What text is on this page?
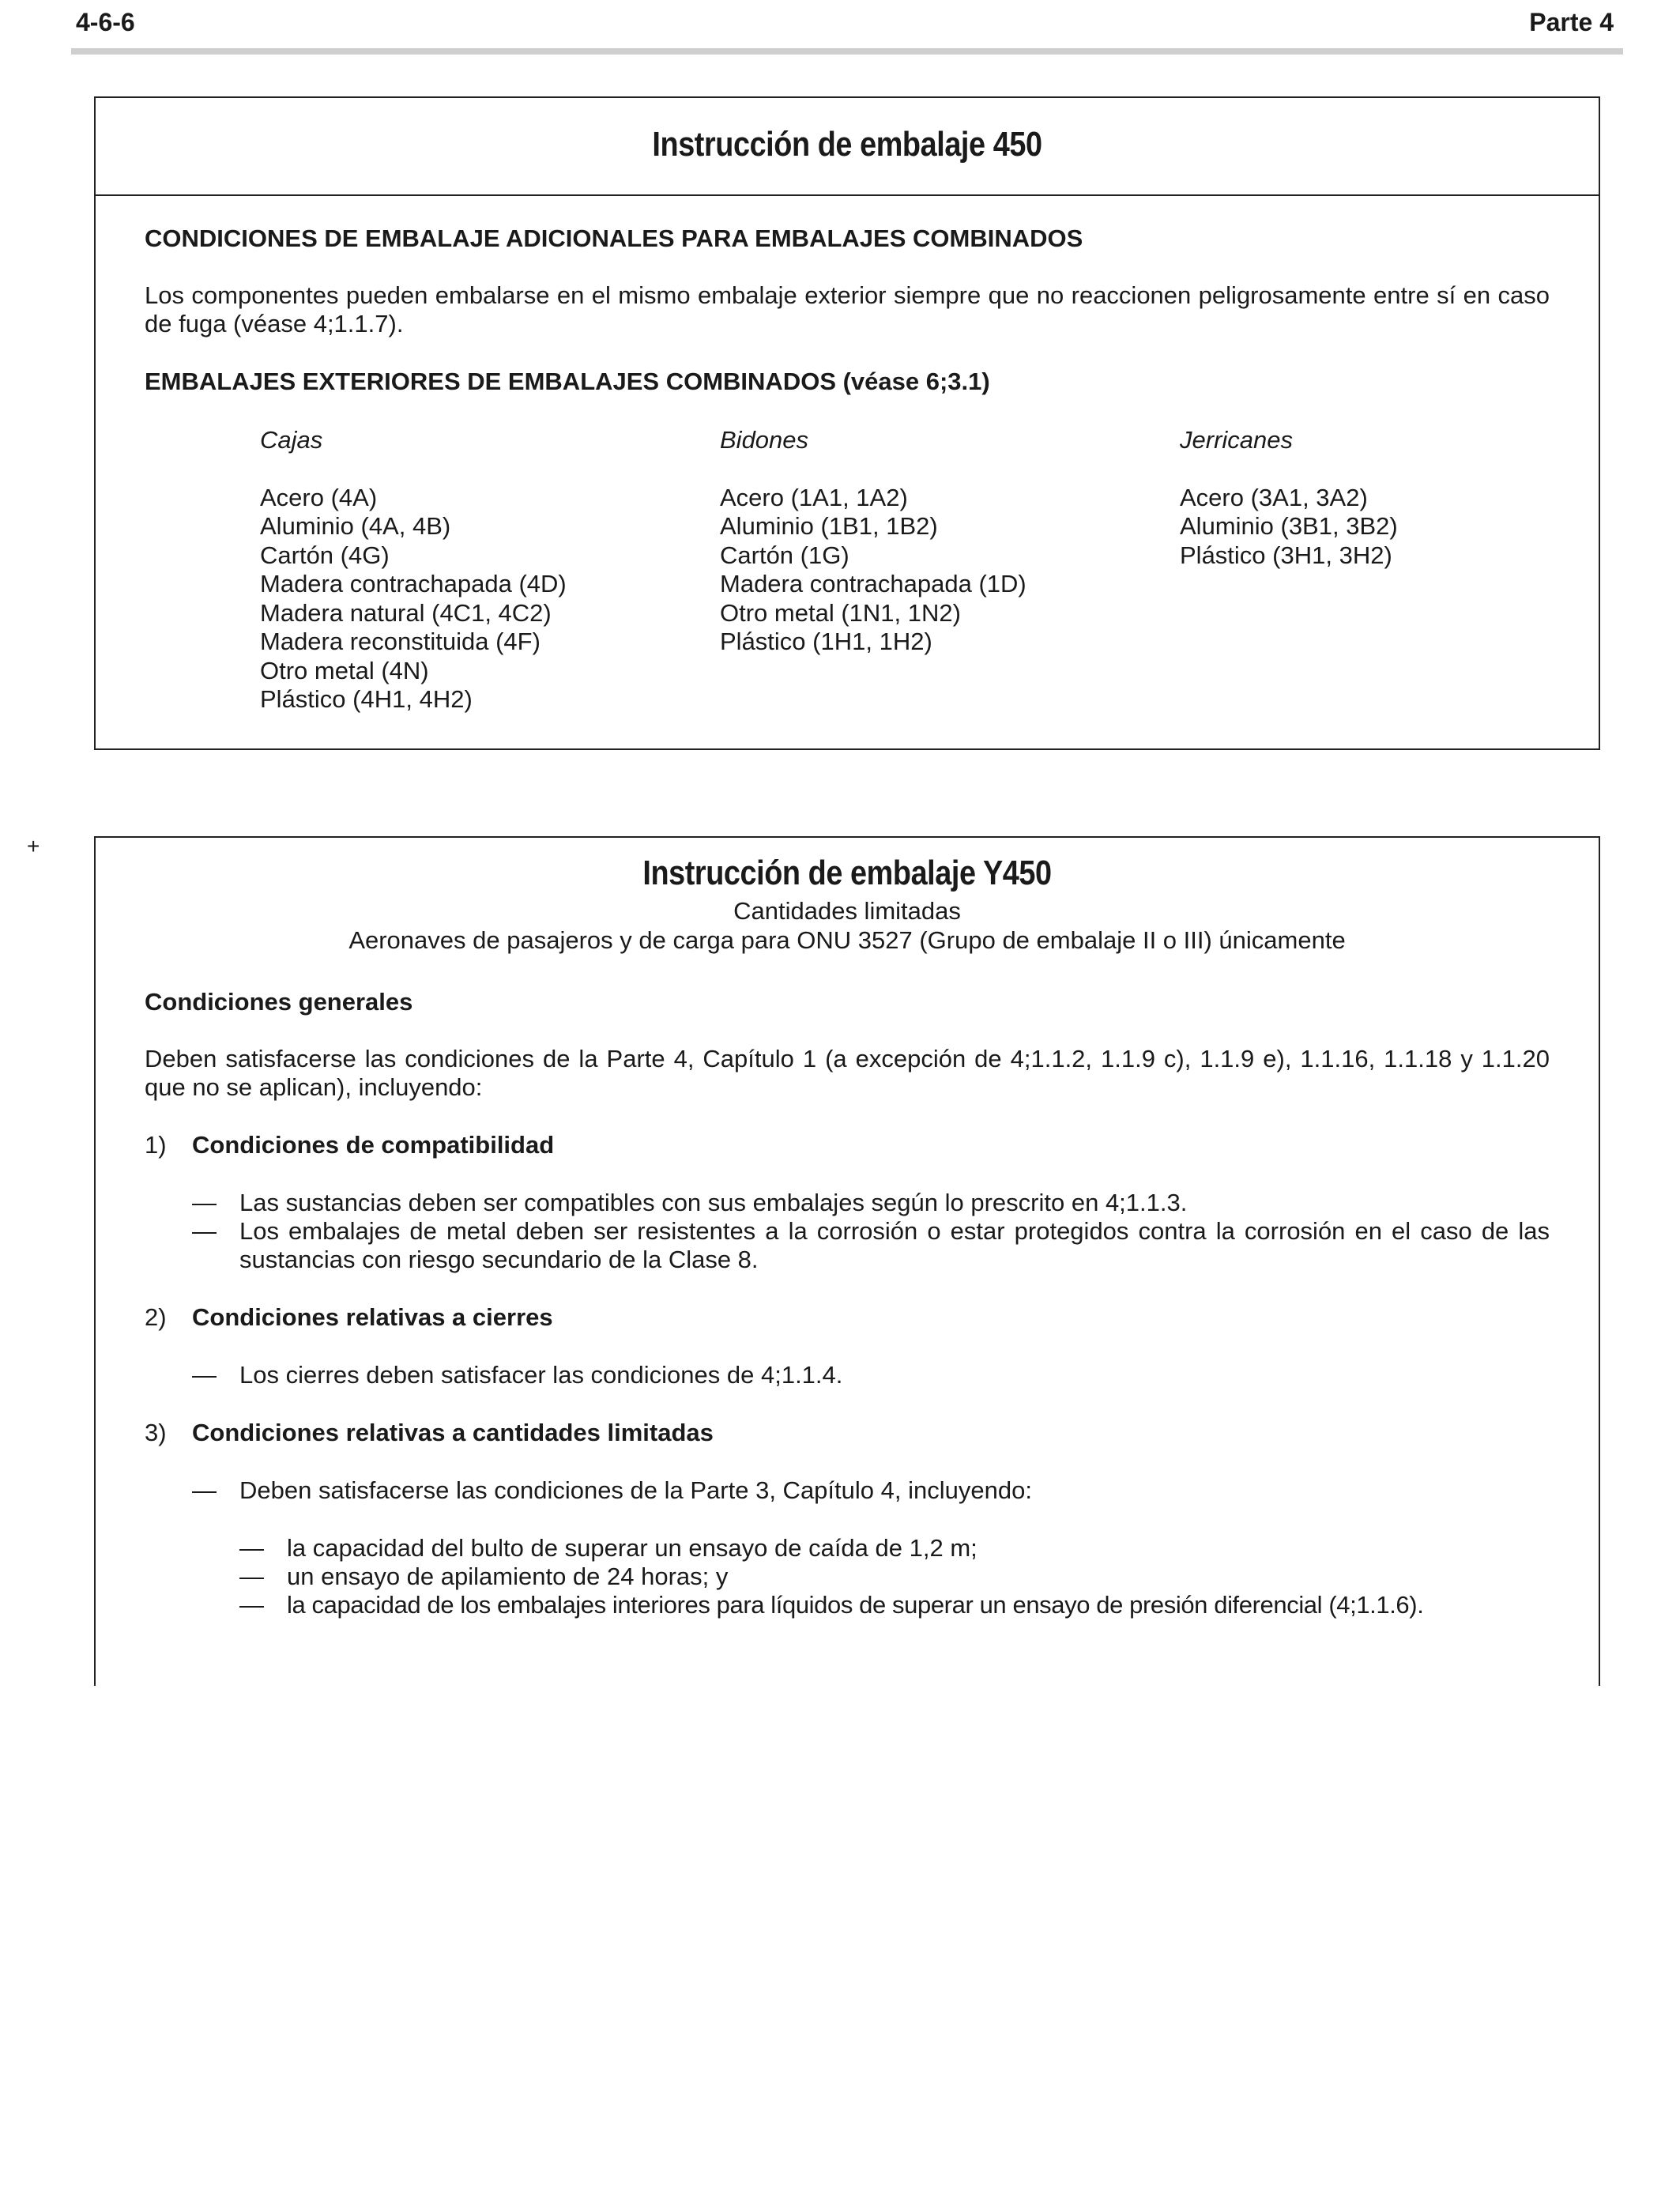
4-6-6	Parte 4
+
Instrucción de embalaje 450

CONDICIONES DE EMBALAJE ADICIONALES PARA EMBALAJES COMBINADOS

Los componentes pueden embalarse en el mismo embalaje exterior siempre que no reaccionen peligrosamente entre sí en caso de fuga (véase 4;1.1.7).

EMBALAJES EXTERIORES DE EMBALAJES COMBINADOS (véase 6;3.1)

Cajas
Acero (4A)
Aluminio (4A, 4B)
Cartón (4G)
Madera contrachapada (4D)
Madera natural (4C1, 4C2)
Madera reconstituida (4F)
Otro metal (4N)
Plástico (4H1, 4H2)
Bidones
Acero (1A1, 1A2)
Aluminio (1B1, 1B2)
Cartón (1G)
Madera contrachapada (1D)
Otro metal (1N1, 1N2)
Plástico (1H1, 1H2)
Jerricanes
Acero (3A1, 3A2)
Aluminio (3B1, 3B2)
Plástico (3H1, 3H2)
Instrucción de embalaje Y450
Cantidades limitadas
Aeronaves de pasajeros y de carga para ONU 3527 (Grupo de embalaje II o III) únicamente

Condiciones generales

Deben satisfacerse las condiciones de la Parte 4, Capítulo 1 (a excepción de 4;1.1.2, 1.1.9 c), 1.1.9 e), 1.1.16, 1.1.18 y 1.1.20 que no se aplican), incluyendo:

1) Condiciones de compatibilidad
— Las sustancias deben ser compatibles con sus embalajes según lo prescrito en 4;1.1.3.
— Los embalajes de metal deben ser resistentes a la corrosión o estar protegidos contra la corrosión en el caso de las sustancias con riesgo secundario de la Clase 8.
2) Condiciones relativas a cierres
— Los cierres deben satisfacer las condiciones de 4;1.1.4.
3) Condiciones relativas a cantidades limitadas
— Deben satisfacerse las condiciones de la Parte 3, Capítulo 4, incluyendo:
— la capacidad del bulto de superar un ensayo de caída de 1,2 m;
— un ensayo de apilamiento de 24 horas; y
— la capacidad de los embalajes interiores para líquidos de superar un ensayo de presión diferencial (4;1.1.6).
